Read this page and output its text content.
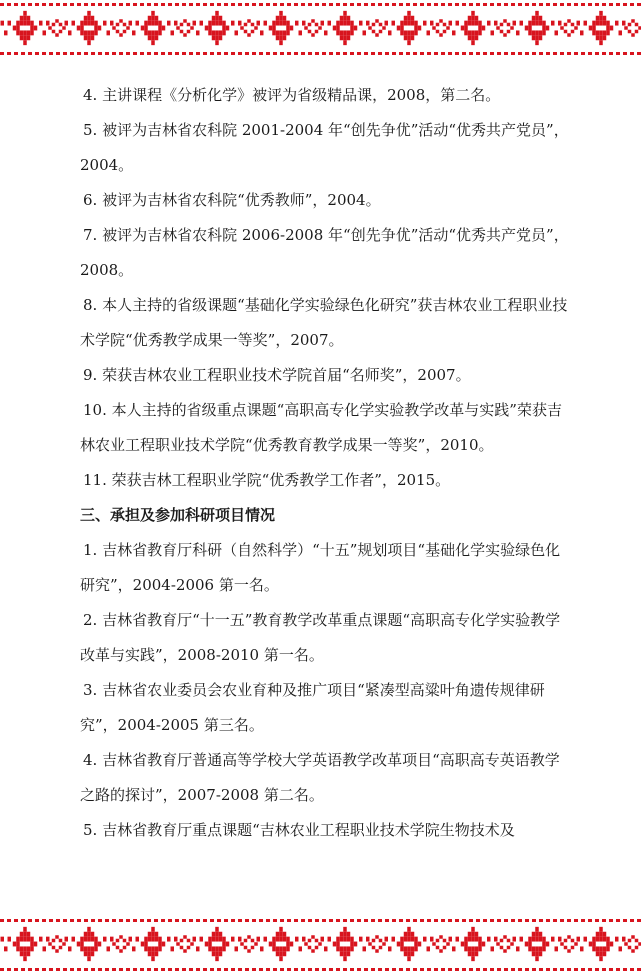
4. 主讲课程《分析化学》被评为省级精品课，2008，第二名。

5. 被评为吉林省农科院 2001-2004 年“创先争优”活动“优秀共产党员”，2004。

6. 被评为吉林省农科院“优秀教师”，2004。

7. 被评为吉林省农科院 2006-2008 年“创先争优”活动“优秀共产党员”，2008。

8. 本人主持的省级课题“基础化学实验绿色化研究”获吉林农业工程职业技术学院“优秀教学成果一等奖”，2007。

9. 荣获吉林农业工程职业技术学院首届“名师奖”，2007。

10. 本人主持的省级重点课题“高职高专化学实验教学改革与实践”荣获吉林农业工程职业技术学院“优秀教育教学成果一等奖”，2010。

11. 荣获吉林工程职业学院“优秀教学工作者”，2015。

三、承担及参加科研项目情况

1. 吉林省教育厅科研（自然科学）“十五”规划项目“基础化学实验绿色化研究”，2004-2006 第一名。

2. 吉林省教育厅“十一五”教育教学改革重点课题“高职高专化学实验教学改革与实践”，2008-2010 第一名。

3. 吉林省农业委员会农业育种及推广项目“紧凑型高粱叶角遗传规律研究”，2004-2005 第三名。

4. 吉林省教育厅普通高等学校大学英语教学改革项目“高职高专英语教学之路的探讨”，2007-2008 第二名。

5. 吉林省教育厅重点课题“吉林农业工程职业技术学院生物技术及
